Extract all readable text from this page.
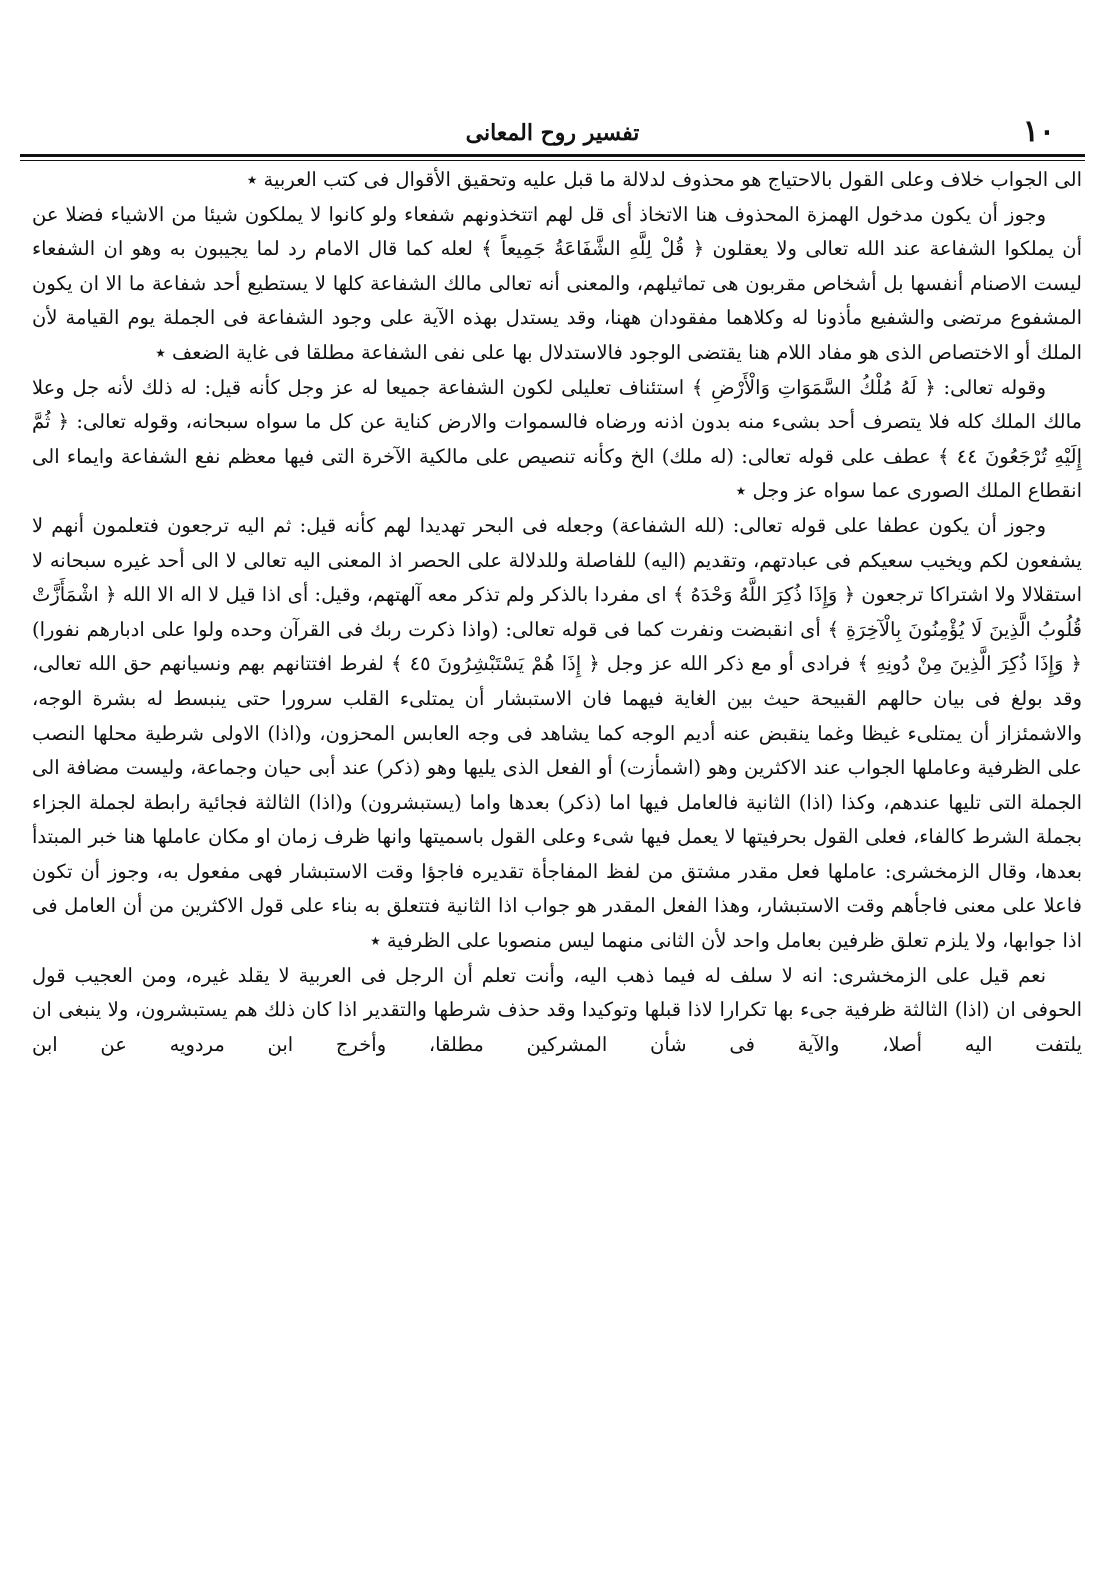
١٠
تفسير روح المعانى

الى الجواب خلاف وعلى القول بالاحتياج هو محذوف لدلالة ما قبل عليه وتحقيق الأقوال فى كتب العربية ٭

وجوز أن يكون مدخول الهمزة المحذوف هنا الاتخاذ أى قل لهم اتتخذونهم شفعاء ولو كانوا لا يملكون شيئا من الاشياء فضلا عن أن يملكوا الشفاعة عند الله تعالى ولا يعقلون ﴿ قُلْ لِلَّهِ الشَّفَاعَةُ جَمِيعاً ﴾ لعله كما قال الامام رد لما يجيبون به وهو ان الشفعاء ليست الاصنام أنفسها بل أشخاص مقربون هى تماثيلهم، والمعنى أنه تعالى مالك الشفاعة كلها لا يستطيع أحد شفاعة ما الا ان يكون المشفوع مرتضى والشفيع مأذونا له وكلاهما مفقودان ههنا، وقد يستدل بهذه الآية على وجود الشفاعة فى الجملة يوم القيامة لأن الملك أو الاختصاص الذى هو مفاد اللام هنا يقتضى الوجود فالاستدلال بها على نفى الشفاعة مطلقا فى غاية الضعف ٭

وقوله تعالى: ﴿ لَهُ مُلْكُ السَّمَوَاتِ وَالْأَرْضِ ﴾ استئناف تعليلى لكون الشفاعة جميعا له عز وجل كأنه قيل: له ذلك لأنه جل وعلا مالك الملك كله فلا يتصرف أحد بشىء منه بدون اذنه ورضاه فالسموات والارض كناية عن كل ما سواه سبحانه، وقوله تعالى: ﴿ ثُمَّ إِلَيْهِ تُرْجَعُونَ ٤٤ ﴾ عطف على قوله تعالى: (له ملك) الخ وكأنه تنصيص على مالكية الآخرة التى فيها معظم نفع الشفاعة وايماء الى انقطاع الملك الصورى عما سواه عز وجل ٭

وجوز أن يكون عطفا على قوله تعالى: (لله الشفاعة) وجعله فى البحر تهديدا لهم كأنه قيل: ثم اليه ترجعون فتعلمون أنهم لا يشفعون لكم ويخيب سعيكم فى عبادتهم، وتقديم (اليه) للفاصلة وللدلالة على الحصر اذ المعنى اليه تعالى لا الى أحد غيره سبحانه لا استقلالا ولا اشتراكا ترجعون ﴿ وَإِذَا ذُكِرَ اللَّهُ وَحْدَهُ ﴾ اى مفردا بالذكر ولم تذكر معه آلهتهم، وقيل: أى اذا قيل لا اله الا الله ﴿ اشْمَأَزَّتْ قُلُوبُ الَّذِينَ لَا يُؤْمِنُونَ بِالْآخِرَةِ ﴾ أى انقبضت ونفرت كما فى قوله تعالى: (واذا ذكرت ربك فى القرآن وحده ولوا على ادبارهم نفورا) ﴿ وَإِذَا ذُكِرَ الَّذِينَ مِنْ دُونِهِ ﴾ فرادى أو مع ذكر الله عز وجل ﴿ إِذَا هُمْ يَسْتَبْشِرُونَ ٤٥ ﴾ لفرط افتتانهم بهم ونسيانهم حق الله تعالى، وقد بولغ فى بيان حالهم القبيحة حيث بين الغاية فيهما فان الاستبشار أن يمتلىء القلب سرورا حتى ينبسط له بشرة الوجه، والاشمئزاز أن يمتلىء غيظا وغما ينقبض عنه أديم الوجه كما يشاهد فى وجه العابس المحزون، و(اذا) الاولى شرطية محلها النصب على الظرفية وعاملها الجواب عند الاكثرين وهو (اشمأزت) أو الفعل الذى يليها وهو (ذكر) عند أبى حيان وجماعة، وليست مضافة الى الجملة التى تليها عندهم، وكذا (اذا) الثانية فالعامل فيها اما (ذكر) بعدها واما (يستبشرون) و(اذا) الثالثة فجائية رابطة لجملة الجزاء بجملة الشرط كالفاء، فعلى القول بحرفيتها لا يعمل فيها شىء وعلى القول باسميتها وانها ظرف زمان او مكان عاملها هنا خبر المبتدأ بعدها، وقال الزمخشرى: عاملها فعل مقدر مشتق من لفظ المفاجأة تقديره فاجؤا وقت الاستبشار فهى مفعول به، وجوز أن تكون فاعلا على معنى فاجأهم وقت الاستبشار، وهذا الفعل المقدر هو جواب اذا الثانية فتتعلق به بناء على قول الاكثرين من أن العامل فى اذا جوابها، ولا يلزم تعلق ظرفين بعامل واحد لأن الثانى منهما ليس منصوبا على الظرفية ٭

نعم قيل على الزمخشرى: انه لا سلف له فيما ذهب اليه، وأنت تعلم أن الرجل فى العربية لا يقلد غيره، ومن العجيب قول الحوفى ان (اذا) الثالثة ظرفية جىء بها تكرارا لاذا قبلها وتوكيدا وقد حذف شرطها والتقدير اذا كان ذلك هم يستبشرون، ولا ينبغى ان يلتفت اليه أصلا، والآية فى شأن المشركين مطلقا، وأخرج ابن مردويه عن ابن
